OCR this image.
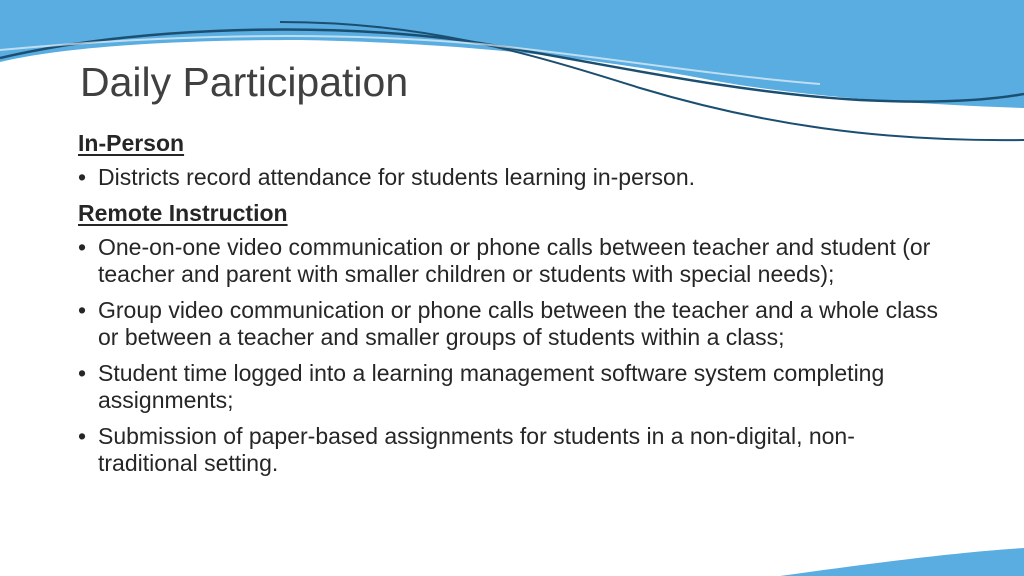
Daily Participation
In-Person
• Districts record attendance for students learning in-person.
Remote Instruction
• One-on-one video communication or phone calls between teacher and student (or teacher and parent with smaller children or students with special needs);
• Group video communication or phone calls between the teacher and a whole class or between a teacher and smaller groups of students within a class;
• Student time logged into a learning management software system completing assignments;
• Submission of paper-based assignments for students in a non-digital, non-traditional setting.
